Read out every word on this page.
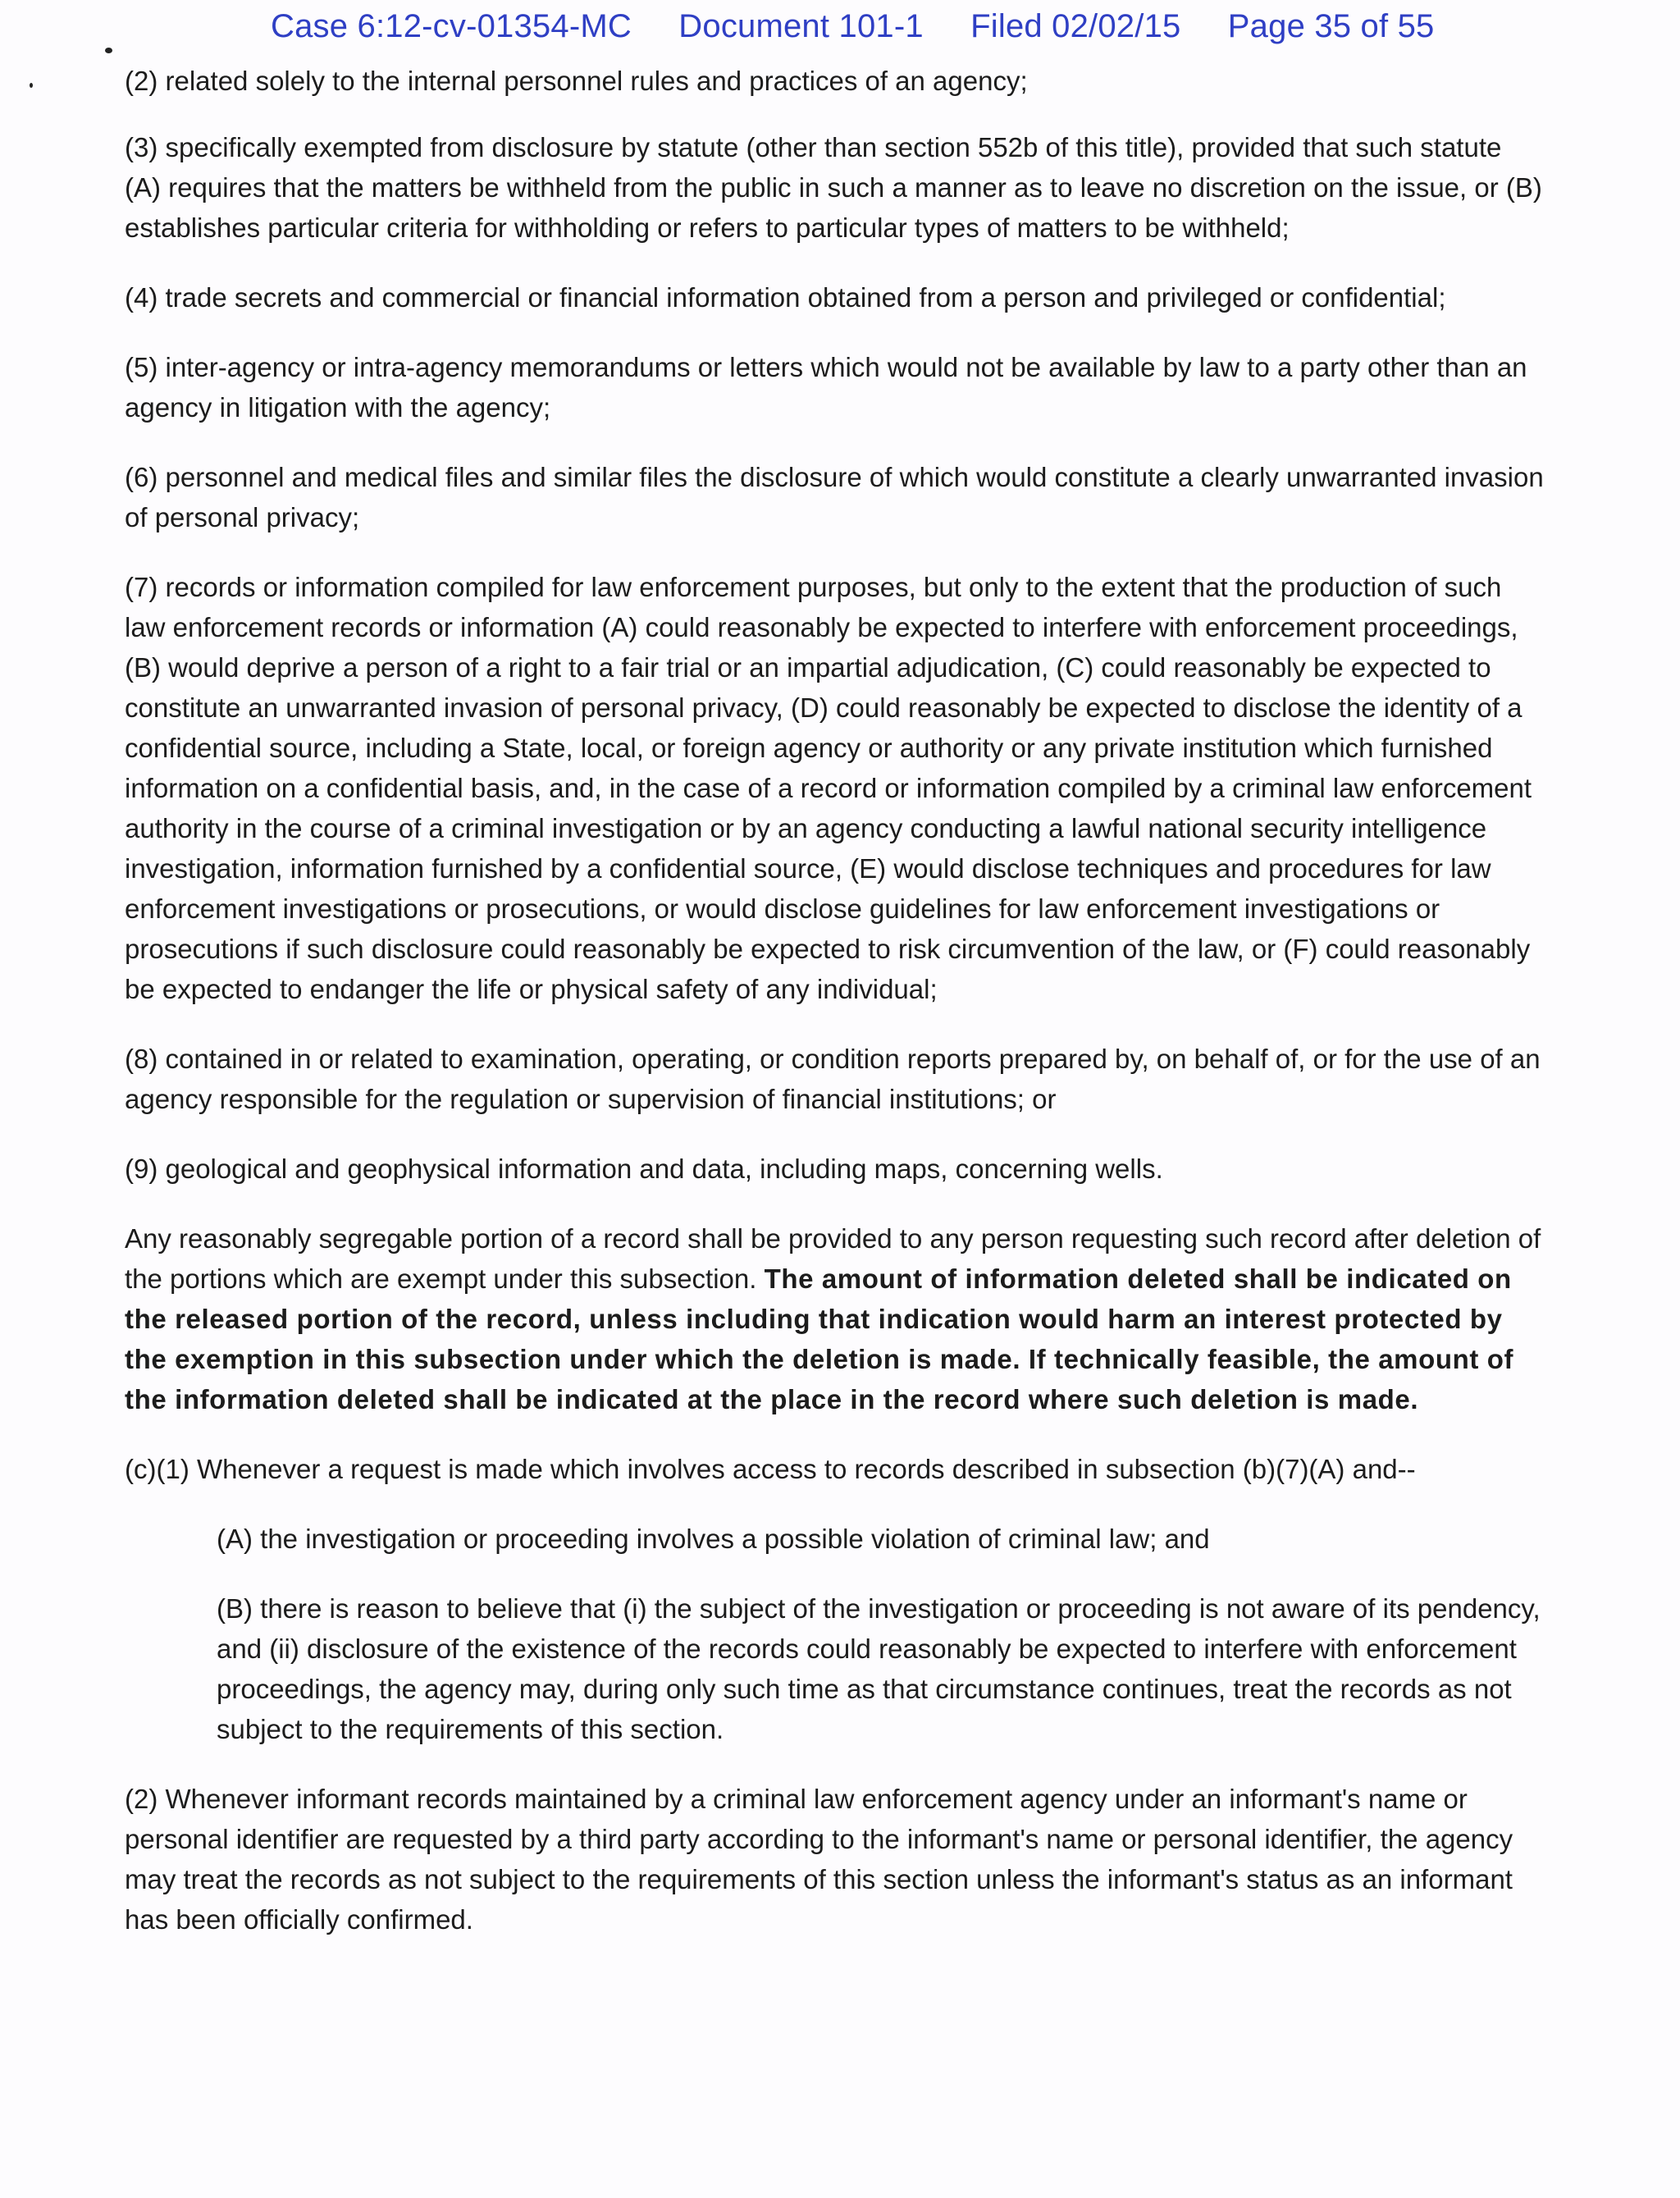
Case 6:12-cv-01354-MC Document 101-1 Filed 02/02/15 Page 35 of 55

(2) related solely to the internal personnel rules and practices of an agency;

(3) specifically exempted from disclosure by statute (other than section 552b of this title), provided that such statute (A) requires that the matters be withheld from the public in such a manner as to leave no discretion on the issue, or (B) establishes particular criteria for withholding or refers to particular types of matters to be withheld;

(4) trade secrets and commercial or financial information obtained from a person and privileged or confidential;

(5) inter-agency or intra-agency memorandums or letters which would not be available by law to a party other than an agency in litigation with the agency;

(6) personnel and medical files and similar files the disclosure of which would constitute a clearly unwarranted invasion of personal privacy;

(7) records or information compiled for law enforcement purposes, but only to the extent that the production of such law enforcement records or information (A) could reasonably be expected to interfere with enforcement proceedings, (B) would deprive a person of a right to a fair trial or an impartial adjudication, (C) could reasonably be expected to constitute an unwarranted invasion of personal privacy, (D) could reasonably be expected to disclose the identity of a confidential source, including a State, local, or foreign agency or authority or any private institution which furnished information on a confidential basis, and, in the case of a record or information compiled by a criminal law enforcement authority in the course of a criminal investigation or by an agency conducting a lawful national security intelligence investigation, information furnished by a confidential source, (E) would disclose techniques and procedures for law enforcement investigations or prosecutions, or would disclose guidelines for law enforcement investigations or prosecutions if such disclosure could reasonably be expected to risk circumvention of the law, or (F) could reasonably be expected to endanger the life or physical safety of any individual;

(8) contained in or related to examination, operating, or condition reports prepared by, on behalf of, or for the use of an agency responsible for the regulation or supervision of financial institutions; or

(9) geological and geophysical information and data, including maps, concerning wells.

Any reasonably segregable portion of a record shall be provided to any person requesting such record after deletion of the portions which are exempt under this subsection. The amount of information deleted shall be indicated on the released portion of the record, unless including that indication would harm an interest protected by the exemption in this subsection under which the deletion is made. If technically feasible, the amount of the information deleted shall be indicated at the place in the record where such deletion is made.

(c)(1) Whenever a request is made which involves access to records described in subsection (b)(7)(A) and--

(A) the investigation or proceeding involves a possible violation of criminal law; and

(B) there is reason to believe that (i) the subject of the investigation or proceeding is not aware of its pendency, and (ii) disclosure of the existence of the records could reasonably be expected to interfere with enforcement proceedings, the agency may, during only such time as that circumstance continues, treat the records as not subject to the requirements of this section.

(2) Whenever informant records maintained by a criminal law enforcement agency under an informant's name or personal identifier are requested by a third party according to the informant's name or personal identifier, the agency may treat the records as not subject to the requirements of this section unless the informant's status as an informant has been officially confirmed.
